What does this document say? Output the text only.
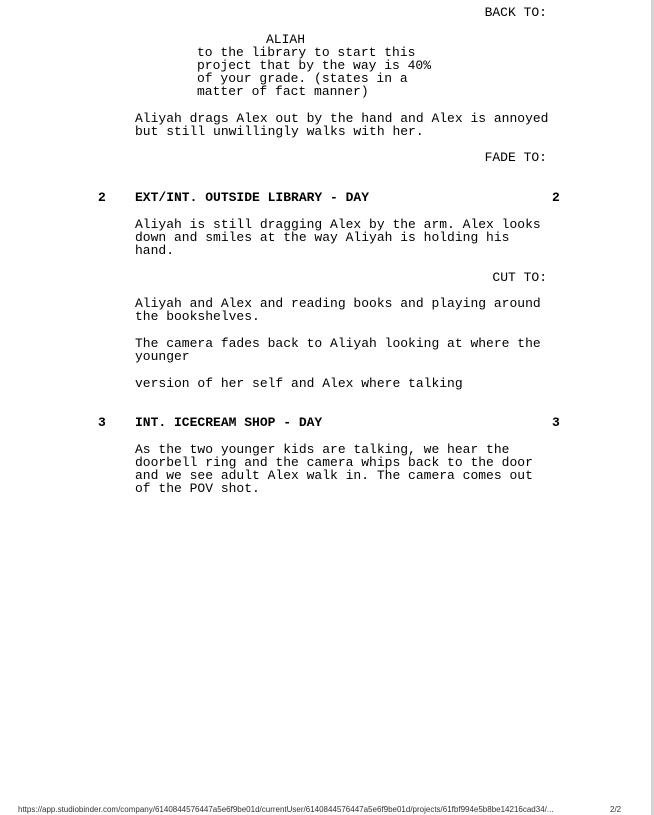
BACK TO:
ALIAH
to the library to start this
project that by the way is 40%
of your grade. (states in a
matter of fact manner)
Aliyah drags Alex out by the hand and Alex is annoyed
but still unwillingly walks with her.
FADE TO:
2 EXT/INT. OUTSIDE LIBRARY - DAY	2
Aliyah is still dragging Alex by the arm. Alex looks
down and smiles at the way Aliyah is holding his
hand.
CUT TO:
Aliyah and Alex and reading books and playing around
the bookshelves.
The camera fades back to Aliyah looking at where the
younger
version of her self and Alex where talking
3 INT. ICECREAM SHOP - DAY	3
As the two younger kids are talking, we hear the
doorbell ring and the camera whips back to the door
and we see adult Alex walk in. The camera comes out
of the POV shot.
https://app.studiobinder.com/company/6140844576447a5e6f9be01d/currentUser/6140844576447a5e6f9be01d/projects/61fbf994e5b8be14216cad34/...	2/2
